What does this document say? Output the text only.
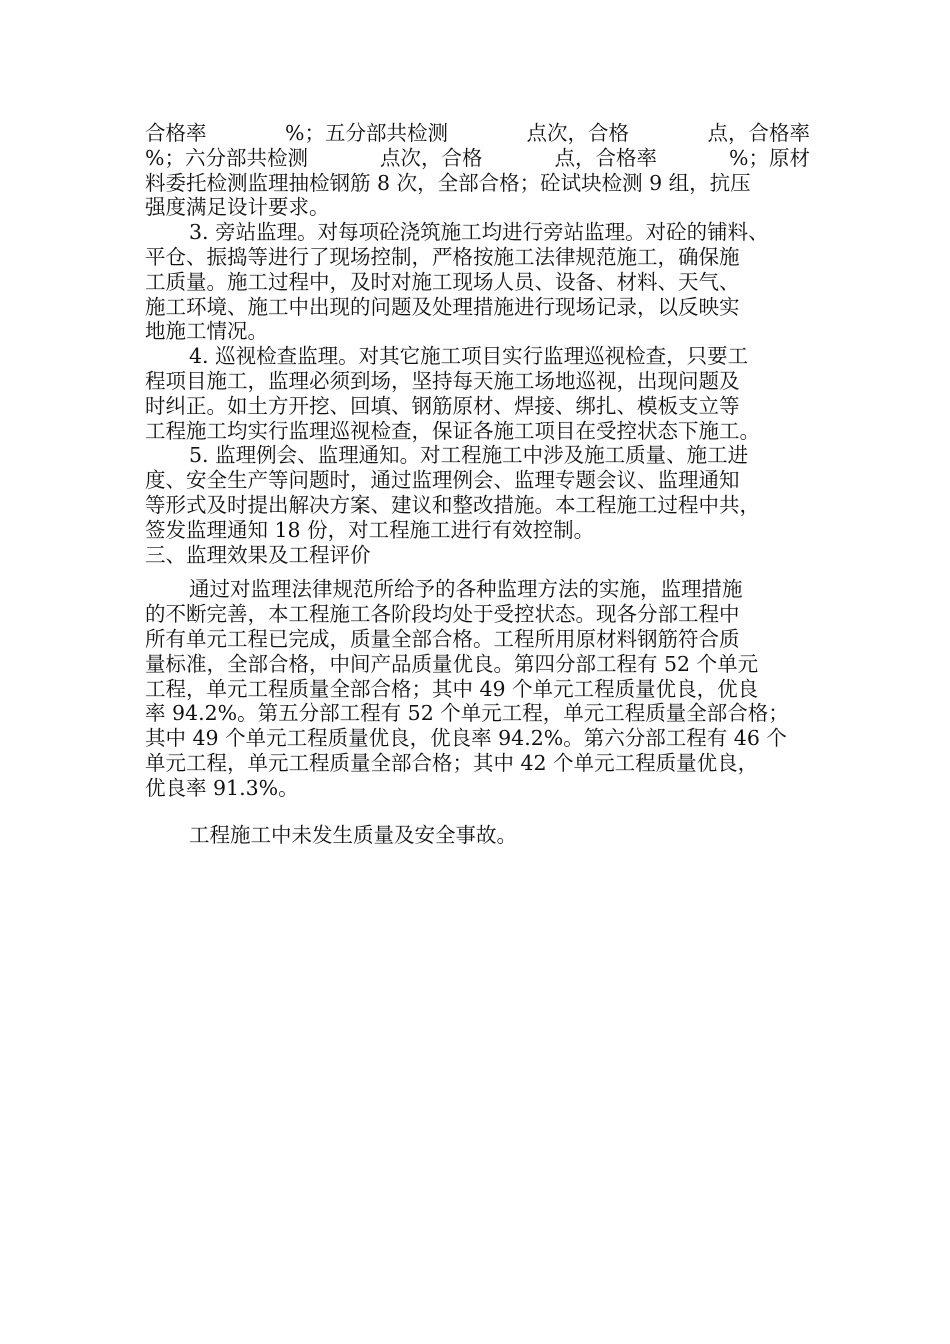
合格率	%；五分部共检测	点次，合格	点，合格率
%；六分部共检测	点次，合格	点，合格率	%；原材
料委托检测监理抽检钢筋 8 次，全部合格；砼试块检测 9 组，抗压
强度满足设计要求。
3. 旁站监理。对每项砼浇筑施工均进行旁站监理。对砼的铺料、
平仓、振捣等进行了现场控制，严格按施工法律规范施工，确保施
工质量。施工过程中，及时对施工现场人员、设备、材料、天气、
施工环境、施工中出现的问题及处理措施进行现场记录，以反映实
地施工情况。
4. 巡视检查监理。对其它施工项目实行监理巡视检查，只要工
程项目施工，监理必须到场，坚持每天施工场地巡视，出现问题及
时纠正。如土方开挖、回填、钢筋原材、焊接、绑扎、模板支立等
工程施工均实行监理巡视检查，保证各施工项目在受控状态下施工。
5. 监理例会、监理通知。对工程施工中涉及施工质量、施工进
度、安全生产等问题时，通过监理例会、监理专题会议、监理通知
等形式及时提出解决方案、建议和整改措施。本工程施工过程中共，
签发监理通知 18 份，对工程施工进行有效控制。
三、监理效果及工程评价
通过对监理法律规范所给予的各种监理方法的实施，监理措施
的不断完善，本工程施工各阶段均处于受控状态。现各分部工程中
所有单元工程已完成，质量全部合格。工程所用原材料钢筋符合质
量标准，全部合格，中间产品质量优良。第四分部工程有 52 个单元
工程，单元工程质量全部合格；其中 49 个单元工程质量优良，优良
率 94.2%。第五分部工程有 52 个单元工程，单元工程质量全部合格；
其中 49 个单元工程质量优良，优良率 94.2%。第六分部工程有 46 个
单元工程，单元工程质量全部合格；其中 42 个单元工程质量优良，
优良率 91.3%。
工程施工中未发生质量及安全事故。
